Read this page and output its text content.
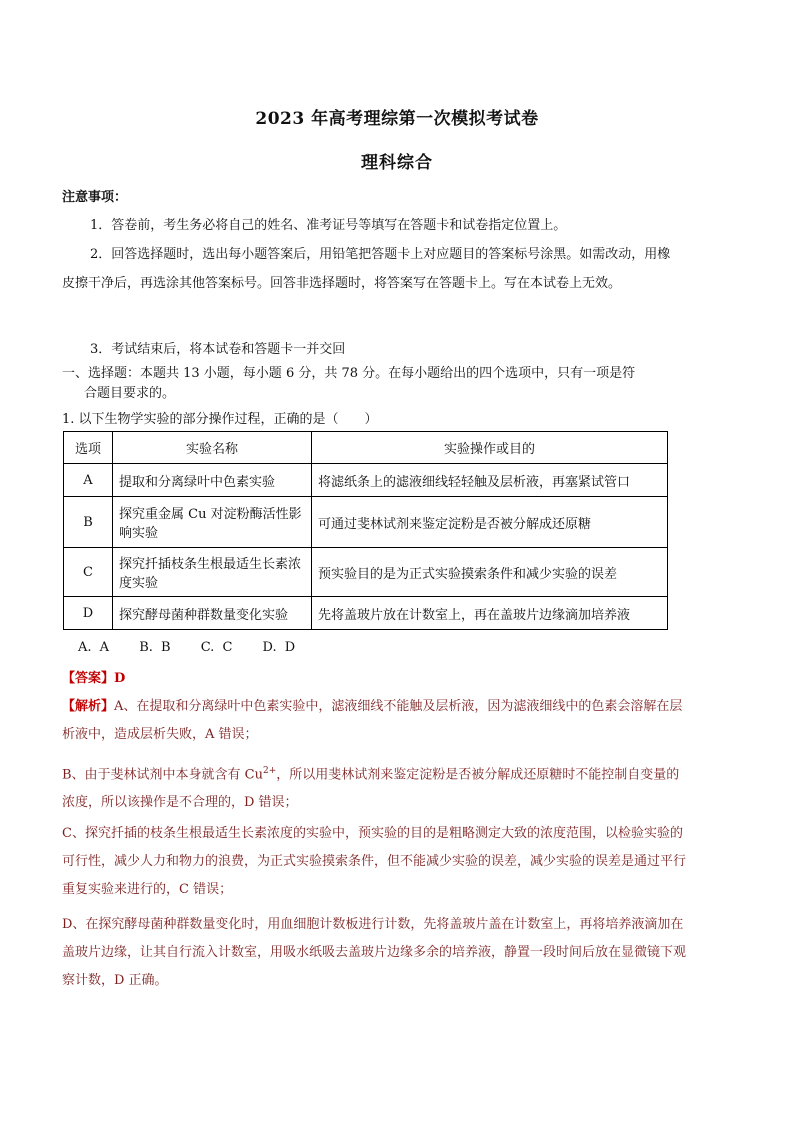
2023 年高考理综第一次模拟考试卷
理科综合
注意事项：
1．答卷前，考生务必将自己的姓名、准考证号等填写在答题卡和试卷指定位置上。
2．回答选择题时，选出每小题答案后，用铅笔把答题卡上对应题目的答案标号涂黑。如需改动，用橡皮擦干净后，再选涂其他答案标号。回答非选择题时，将答案写在答题卡上。写在本试卷上无效。
3．考试结束后，将本试卷和答题卡一并交回
一、选择题：本题共 13 小题，每小题 6 分，共 78 分。在每小题给出的四个选项中，只有一项是符
合题目要求的。
1. 以下生物学实验的部分操作过程，正确的是（　　）
选项	实验名称	实验操作或目的
A	提取和分离绿叶中色素实验	将滤纸条上的滤液细线轻轻触及层析液，再塞紧试管口
B	探究重金属 Cu 对淀粉酶活性影响实验	可通过斐林试剂来鉴定淀粉是否被分解成还原糖
C	探究扦插枝条生根最适生长素浓度实验	预实验目的是为正式实验摸索条件和减少实验的误差
D	探究酵母菌种群数量变化实验	先将盖玻片放在计数室上，再在盖玻片边缘滴加培养液
A. A B. B C. C D. D
【答案】D
【解析】A、在提取和分离绿叶中色素实验中，滤液细线不能触及层析液，因为滤液细线中的色素会溶解在层析液中，造成层析失败，A 错误；
B、由于斐林试剂中本身就含有 $Cu^{2+}$，所以用斐林试剂来鉴定淀粉是否被分解成还原糖时不能控制自变量的浓度，所以该操作是不合理的，D 错误；
C、探究扦插的枝条生根最适生长素浓度的实验中，预实验的目的是粗略测定大致的浓度范围，以检验实验的可行性，减少人力和物力的浪费，为正式实验摸索条件，但不能减少实验的误差，减少实验的误差是通过平行重复实验来进行的，C 错误；
D、在探究酵母菌种群数量变化时，用血细胞计数板进行计数，先将盖玻片盖在计数室上，再将培养液滴加在盖玻片边缘，让其自行流入计数室，用吸水纸吸去盖玻片边缘多余的培养液，静置一段时间后放在显微镜下观察计数，D 正确。
